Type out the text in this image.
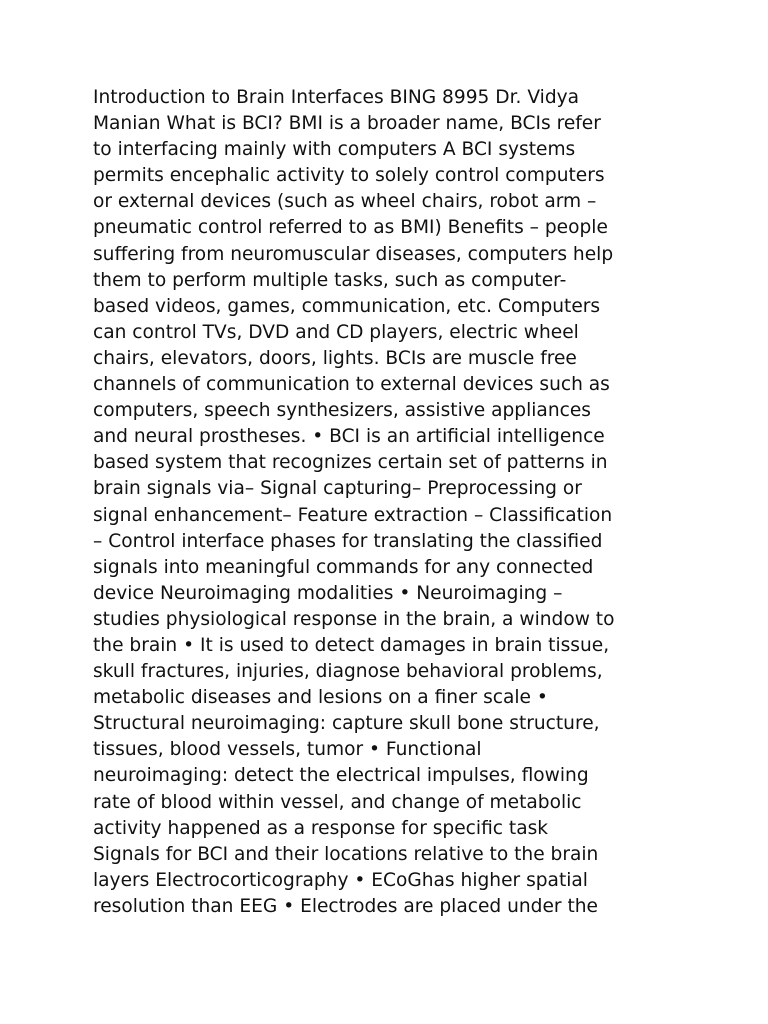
Introduction to Brain Interfaces BING 8995 Dr. Vidya
Manian What is BCI? BMI is a broader name, BCIs refer
to interfacing mainly with computers A BCI systems
permits encephalic activity to solely control computers
or external devices (such as wheel chairs, robot arm –
pneumatic control referred to as BMI) Benefits – people
suffering from neuromuscular diseases, computers help
them to perform multiple tasks, such as computer-
based videos, games, communication, etc. Computers
can control TVs, DVD and CD players, electric wheel
chairs, elevators, doors, lights. BCIs are muscle free
channels of communication to external devices such as
computers, speech synthesizers, assistive appliances
and neural prostheses. • BCI is an artificial intelligence
based system that recognizes certain set of patterns in
brain signals via– Signal capturing– Preprocessing or
signal enhancement– Feature extraction – Classification
– Control interface phases for translating the classified
signals into meaningful commands for any connected
device Neuroimaging modalities • Neuroimaging –
studies physiological response in the brain, a window to
the brain • It is used to detect damages in brain tissue,
skull fractures, injuries, diagnose behavioral problems,
metabolic diseases and lesions on a finer scale •
Structural neuroimaging: capture skull bone structure,
tissues, blood vessels, tumor • Functional
neuroimaging: detect the electrical impulses, flowing
rate of blood within vessel, and change of metabolic
activity happened as a response for specific task
Signals for BCI and their locations relative to the brain
layers Electrocorticography • ECoGhas higher spatial
resolution than EEG • Electrodes are placed under the
